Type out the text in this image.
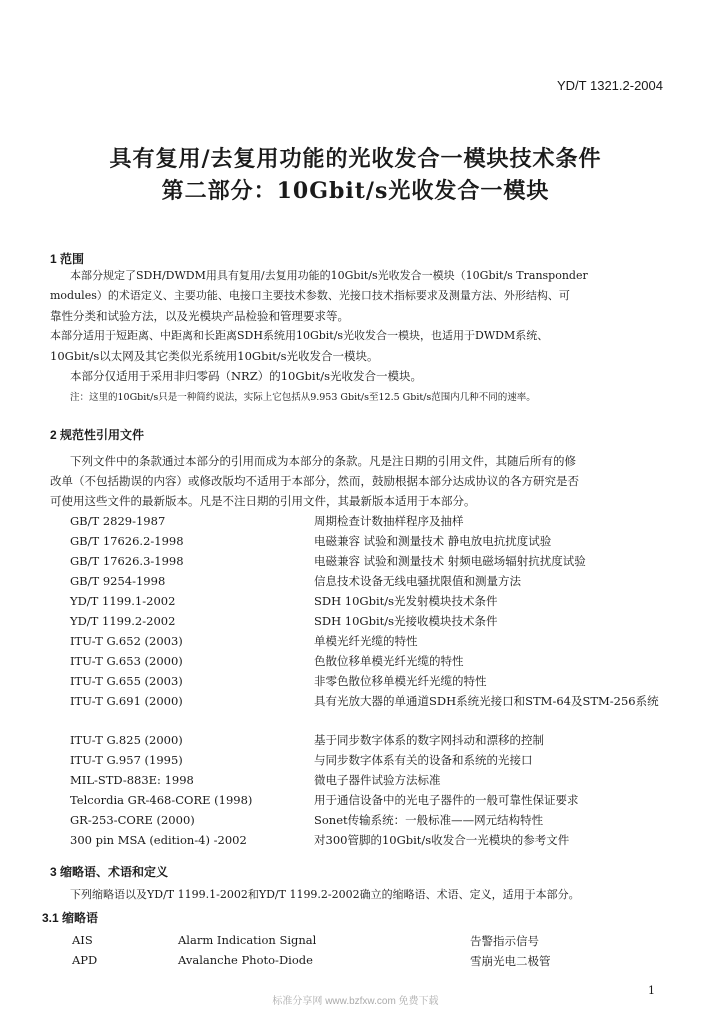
YD/T 1321.2-2004
具有复用/去复用功能的光收发合一模块技术条件
第二部分：10Gbit/s光收发合一模块
1 范围
本部分规定了SDH/DWDM用具有复用/去复用功能的10Gbit/s光收发合一模块（10Gbit/s Transponder
modules）的术语定义、主要功能、电接口主要技术参数、光接口技术指标要求及测量方法、外形结构、可
靠性分类和试验方法，以及光模块产品检验和管理要求等。
本部分适用于短距离、中距离和长距离SDH系统用10Gbit/s光收发合一模块，也适用于DWDM系统、
10Gbit/s以太网及其它类似光系统用10Gbit/s光收发合一模块。
本部分仅适用于采用非归零码（NRZ）的10Gbit/s光收发合一模块。
注：这里的10Gbit/s只是一种简约说法，实际上它包括从9.953 Gbit/s至12.5 Gbit/s范围内几种不同的速率。
2 规范性引用文件
下列文件中的条款通过本部分的引用而成为本部分的条款。凡是注日期的引用文件，其随后所有的修
改单（不包括勘误的内容）或修改版均不适用于本部分，然而，鼓励根据本部分达成协议的各方研究是否
可使用这些文件的最新版本。凡是不注日期的引用文件，其最新版本适用于本部分。
GB/T 2829-1987	周期检查计数抽样程序及抽样
GB/T 17626.2-1998	电磁兼容 试验和测量技术 静电放电抗扰度试验
GB/T 17626.3-1998	电磁兼容 试验和测量技术 射频电磁场辐射抗扰度试验
GB/T 9254-1998	信息技术设备无线电骚扰限值和测量方法
YD/T 1199.1-2002	SDH 10Gbit/s光发射模块技术条件
YD/T 1199.2-2002	SDH 10Gbit/s光接收模块技术条件
ITU-T G.652 (2003)	单模光纤光缆的特性
ITU-T G.653 (2000)	色散位移单模光纤光缆的特性
ITU-T G.655 (2003)	非零色散位移单模光纤光缆的特性
ITU-T G.691 (2000)	具有光放大器的单通道SDH系统光接口和STM-64及STM-256系统
ITU-T G.825 (2000)	基于同步数字体系的数字网抖动和漂移的控制
ITU-T G.957 (1995)	与同步数字体系有关的设备和系统的光接口
MIL-STD-883E: 1998	微电子器件试验方法标准
Telcordia GR-468-CORE (1998)	用于通信设备中的光电子器件的一般可靠性保证要求
GR-253-CORE (2000)	Sonet传输系统：一般标准——网元结构特性
300 pin MSA (edition-4) -2002	对300管脚的10Gbit/s收发合一光模块的参考文件
3 缩略语、术语和定义
下列缩略语以及YD/T 1199.1-2002和YD/T 1199.2-2002确立的缩略语、术语、定义，适用于本部分。
3.1 缩略语
AIS	Alarm Indication Signal	告警指示信号
APD	Avalanche Photo-Diode	雪崩光电二极管
1
标准分享网 www.bzfxw.com 免费下载
